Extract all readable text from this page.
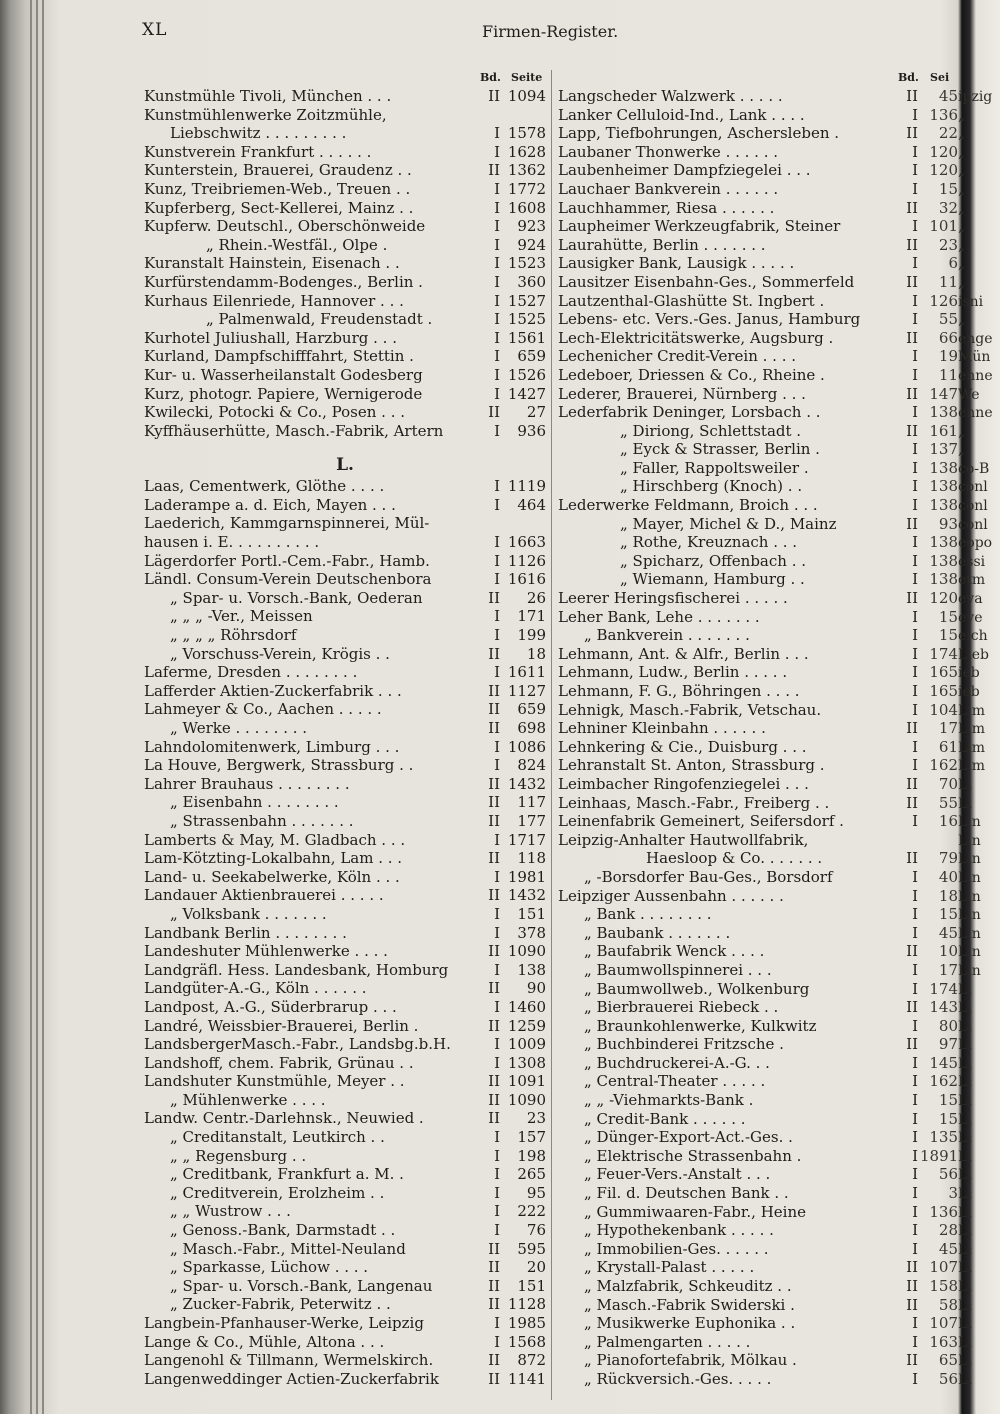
XL	Firmen-Register.
Bd. Seite
Kunstmühle Tivoli, München . . .	II 1094
Kunstmühlenwerke Zoitzmühle,
Liebschwitz . . . . . . . . .	I 1578
Kunstverein Frankfurt . . . . . .	I 1628
Kunterstein, Brauerei, Graudenz . .	II 1362
Kunz, Treibriemen-Web., Treuen . .	I 1772
Kupferberg, Sect-Kellerei, Mainz . .	I 1608
Kupferw. Deutschl., Oberschönweide	I	923
„ Rhein.-Westfäl., Olpe .	I	924
Kuranstalt Hainstein, Eisenach . .	I 1523
Kurfürstendamm-Bodenges., Berlin .	I	360
Kurhaus Eilenriede, Hannover . . .	I 1527
„ Palmenwald, Freudenstadt .	I 1525
Kurhotel Juliushall, Harzburg . . .	I 1561
Kurland, Dampfschifffahrt, Stettin .	I	659
Kur- u. Wasserheilanstalt Godesberg	I 1526
Kurz, photogr. Papiere, Wernigerode	I 1427
Kwilecki, Potocki & Co., Posen . . .	II	27
Kyffhäuserhütte, Masch.-Fabrik, Artern	I	936
L.
Laas, Cementwerk, Glöthe . . . .	I 1119
Laderampe a. d. Eich, Mayen . . .	I	464
Laederich, Kammgarnspinnerei, Mül-
hausen i. E. . . . . . . . . .	I 1663
Lägerdorfer Portl.-Cem.-Fabr., Hamb.	I 1126
Ländl. Consum-Verein Deutschenbora	I 1616
„ Spar- u. Vorsch.-Bank, Oederan	II	26
„ „ „ -Ver., Meissen	I	171
„ „ „ „ Röhrsdorf	I	199
„ Vorschuss-Verein, Krögis . .	II	18
Laferme, Dresden . . . . . . . .	I 1611
Lafferder Aktien-Zuckerfabrik . . .	II 1127
Lahmeyer & Co., Aachen . . . . .	II	659
„ Werke . . . . . . . .	II	698
Lahndolomitenwerk, Limburg . . .	I 1086
La Houve, Bergwerk, Strassburg . .	I	824
Lahrer Brauhaus . . . . . . . .	II 1432
„ Eisenbahn . . . . . . . .	II	117
„ Strassenbahn . . . . . . .	II	177
Lamberts & May, M. Gladbach . . .	I 1717
Lam-Kötzting-Lokalbahn, Lam . . .	II	118
Land- u. Seekabelwerke, Köln . . .	I 1981
Landauer Aktienbrauerei . . . . .	II 1432
„ Volksbank . . . . . . .	I	151
Landbank Berlin . . . . . . . .	I	378
Landeshuter Mühlenwerke . . . .	II 1090
Landgräfl. Hess. Landesbank, Homburg	I	138
Landgüter-A.-G., Köln . . . . . .	II	90
Landpost, A.-G., Süderbrarup . . .	I 1460
Landré, Weissbier-Brauerei, Berlin .	II 1259
LandsbergerMasch.-Fabr., Landsbg.b.H.	I 1009
Landshoff, chem. Fabrik, Grünau . .	I 1308
Landshuter Kunstmühle, Meyer . .	II 1091
„ Mühlenwerke . . . .	II 1090
Landw. Centr.-Darlehnsk., Neuwied .	II	23
„ Creditanstalt, Leutkirch . .	I	157
„ „ Regensburg . .	I	198
„ Creditbank, Frankfurt a. M. .	I	265
„ Creditverein, Erolzheim . .	I	95
„ „ Wustrow . . .	I	222
„ Genoss.-Bank, Darmstadt . .	I	76
„ Masch.-Fabr., Mittel-Neuland	II	595
„ Sparkasse, Lüchow . . . .	II	20
„ Spar- u. Vorsch.-Bank, Langenau	II	151
„ Zucker-Fabrik, Peterwitz . .	II 1128
Langbein-Pfanhauser-Werke, Leipzig	I 1985
Lange & Co., Mühle, Altona . . .	I 1568
Langenohl & Tillmann, Wermelskirch.	II	872
Langenweddinger Actien-Zuckerfabrik	II 1141
Bd. Sei
Langscheder Walzwerk . . . . .	II	45
Lanker Celluloid-Ind., Lank . . . .	I 136
Lapp, Tiefbohrungen, Aschersleben .	II	22
Laubaner Thonwerke . . . . . .	I 120
Laubenheimer Dampfziegelei . . .	I 120
Lauchaer Bankverein . . . . . .	I	15
Lauchhammer, Riesa . . . . . .	II	32
Laupheimer Werkzeugfabrik, Steiner	I 101
Laurahütte, Berlin . . . . . . .	II	23
Lausigker Bank, Lausigk . . . . .	I	6
Lausitzer Eisenbahn-Ges., Sommerfeld	II	11
Lautzenthal-Glashütte St. Ingbert .	I 126
Lebens- etc. Vers.-Ges. Janus, Hamburg	I	55
Lech-Elektricitätswerke, Augsburg .	II	66
Lechenicher Credit-Verein . . . .	I	19
Ledeboer, Driessen & Co., Rheine .	I	11
Lederer, Brauerei, Nürnberg . . .	II 147
Lederfabrik Deninger, Lorsbach . .	I 138
„ Diriong, Schlettstadt .	II 161
„ Eyck & Strasser, Berlin .	I 137
„ Faller, Rappoltsweiler .	I 138
„ Hirschberg (Knoch) . .	I 138
Lederwerke Feldmann, Broich . . .	I 138
„ Mayer, Michel & D., Mainz	II	93
„ Rothe, Kreuznach . . .	I 138
„ Spicharz, Offenbach . .	I 138
„ Wiemann, Hamburg . .	I 138
Leerer Heringsfischerei . . . . .	II 120
Leher Bank, Lehe . . . . . . .	I	15
„ Bankverein . . . . . . .	I	15
Lehmann, Ant. & Alfr., Berlin . . .	I 174
Lehmann, Ludw., Berlin . . . . .	I 165
Lehmann, F. G., Böhringen . . . .	I 165
Lehnigk, Masch.-Fabrik, Vetschau.	I 104
Lehniner Kleinbahn . . . . . .	II	17
Lehnkering & Cie., Duisburg . . .	I	61
Lehranstalt St. Anton, Strassburg .	I 162
Leimbacher Ringofenziegelei . . .	II	70
Leinhaas, Masch.-Fabr., Freiberg . .	II	55
Leinenfabrik Gemeinert, Seifersdorf .	I	16
Leipzig-Anhalter Hautwollfabrik,
Haesloop & Co. . . . . . .	II	79
„ -Borsdorfer Bau-Ges., Borsdorf	I	40
Leipziger Aussenbahn . . . . . .	I	18
„ Bank . . . . . . . .	I	15
„ Baubank . . . . . . .	I	45
„ Baufabrik Wenck . . . .	II	10
„ Baumwollspinnerei . . .	I	17
„ Baumwollweb., Wolkenburg	I 174
„ Bierbrauerei Riebeck . .	II 143
„ Braunkohlenwerke, Kulkwitz	I	80
„ Buchbinderei Fritzsche .	II	97
„ Buchdruckerei-A.-G. . .	I 145
„ Central-Theater . . . . .	I 162
„ „ -Viehmarkts-Bank .	I	15
„ Credit-Bank . . . . . .	I	15
„ Dünger-Export-Act.-Ges. .	I 135
„ Elektrische Strassenbahn .	I 1891
„ Feuer-Vers.-Anstalt . . .	I	56
„ Fil. d. Deutschen Bank . .	I	3
„ Gummiwaaren-Fabr., Heine	I 136
„ Hypothekenbank . . . . .	I	28
„ Immobilien-Ges. . . . . .	I	45
„ Krystall-Palast . . . . .	II 107
„ Malzfabrik, Schkeuditz . .	II 158
„ Masch.-Fabrik Swiderski .	II	58
„ Musikwerke Euphonika . .	I 107
„ Palmengarten . . . . .	I 163
„ Pianofortefabrik, Mölkau .	II	65
„ Rückversich.-Ges. . . . .	I	56
ipzig
„
„
„
„
„
„
„
„
„
„
isni
„
enge
Mün
enne
We
enne
„
„
co-B
conl
conl
conl
eopo
essi
etm
eva
eve
eich
Lieb
ieb
ieb
Lim
Lim
Lim
Lim
Li
Li
Lin
Lin
Lin
Lin
Lin
Lin
Lin
Lin
Lin
Li
Li
Li
Li
Li
Li
Li
Li
Li
Li
Li
Li
Li
Li
Li
Li
Li
Li
Li
Li
Li
Li
